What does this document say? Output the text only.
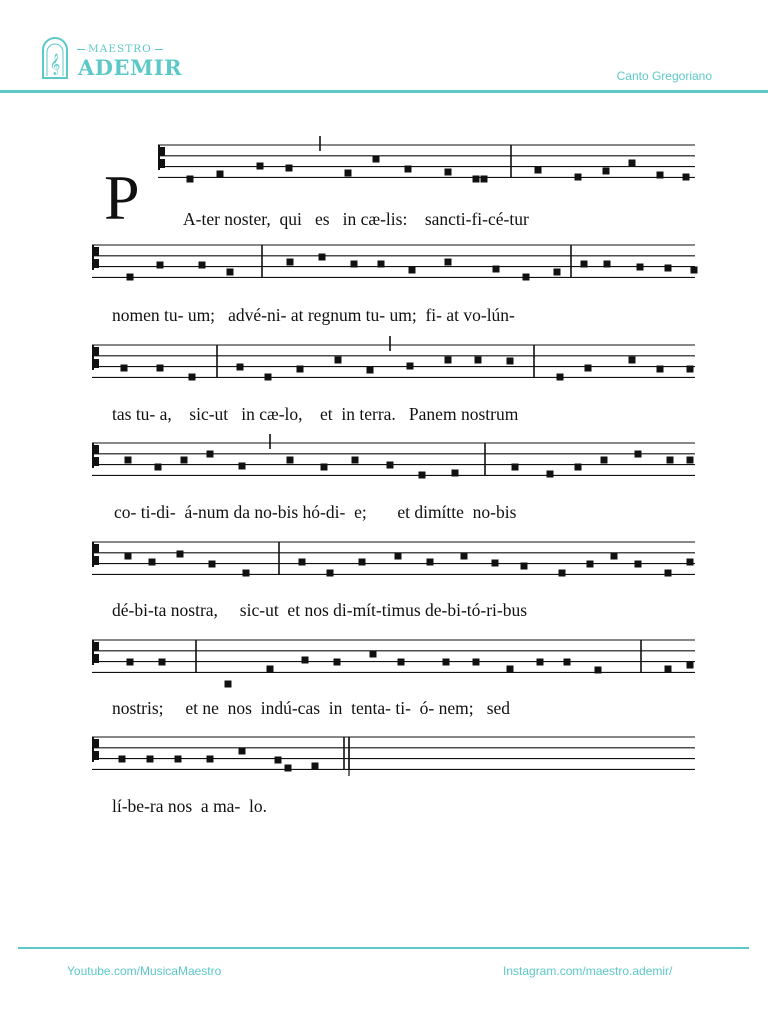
𝄞
MAESTRO
ADEMIR	Canto Gregoriano
P A-ter noster,  qui   es   in cæ-lis:    sancti-fi-cé-tur
nomen tu- um;   advé-ni- at regnum tu- um;  fi- at vo-lún-
tas tu- a,    sic-ut   in cæ-lo,    et  in terra.   Panem nostrum
co- ti-di-  á-num da no-bis hó-di-  e;       et dimítte  no-bis
dé-bi-ta nostra,     sic-ut  et nos di-mít-timus de-bi-tó-ri-bus
nostris;     et ne  nos  indú-cas  in  tenta- ti-  ó- nem;   sed
lí-be-ra nos  a ma-  lo.
Youtube.com/MusicaMaestro	Instagram.com/maestro.ademir/
